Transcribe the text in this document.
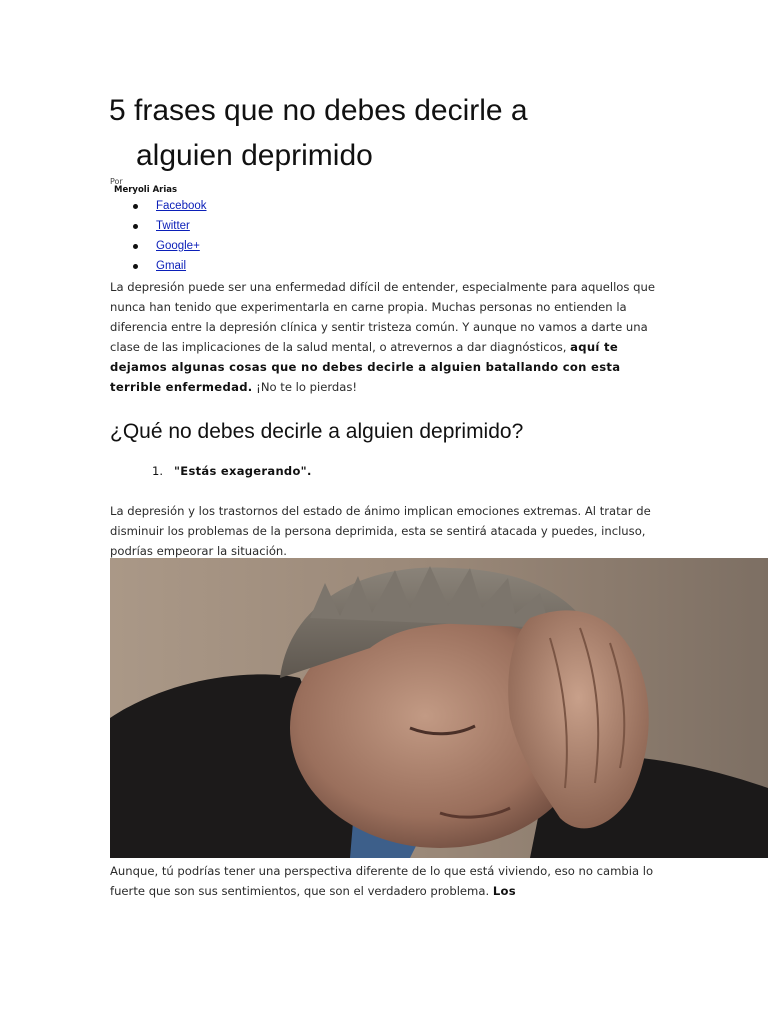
5 frases que no debes decirle a
alguien deprimido
Por
Meryoli Arias
Facebook
Twitter
Google+
Gmail

La depresión puede ser una enfermedad difícil de entender, especialmente para aquellos que nunca han tenido que experimentarla en carne propia. Muchas personas no entienden la diferencia entre la depresión clínica y sentir tristeza común. Y aunque no vamos a darte una clase de las implicaciones de la salud mental, o atrevernos a dar diagnósticos, aquí te dejamos algunas cosas que no debes decirle a alguien batallando con esta terrible enfermedad. ¡No te lo pierdas!

¿Qué no debes decirle a alguien deprimido?
1. "Estás exagerando".

La depresión y los trastornos del estado de ánimo implican emociones extremas. Al tratar de disminuir los problemas de la persona deprimida, esta se sentirá atacada y puedes, incluso, podrías empeorar la situación.

Aunque, tú podrías tener una perspectiva diferente de lo que está viviendo, eso no cambia lo fuerte que son sus sentimientos, que son el verdadero problema. Los
